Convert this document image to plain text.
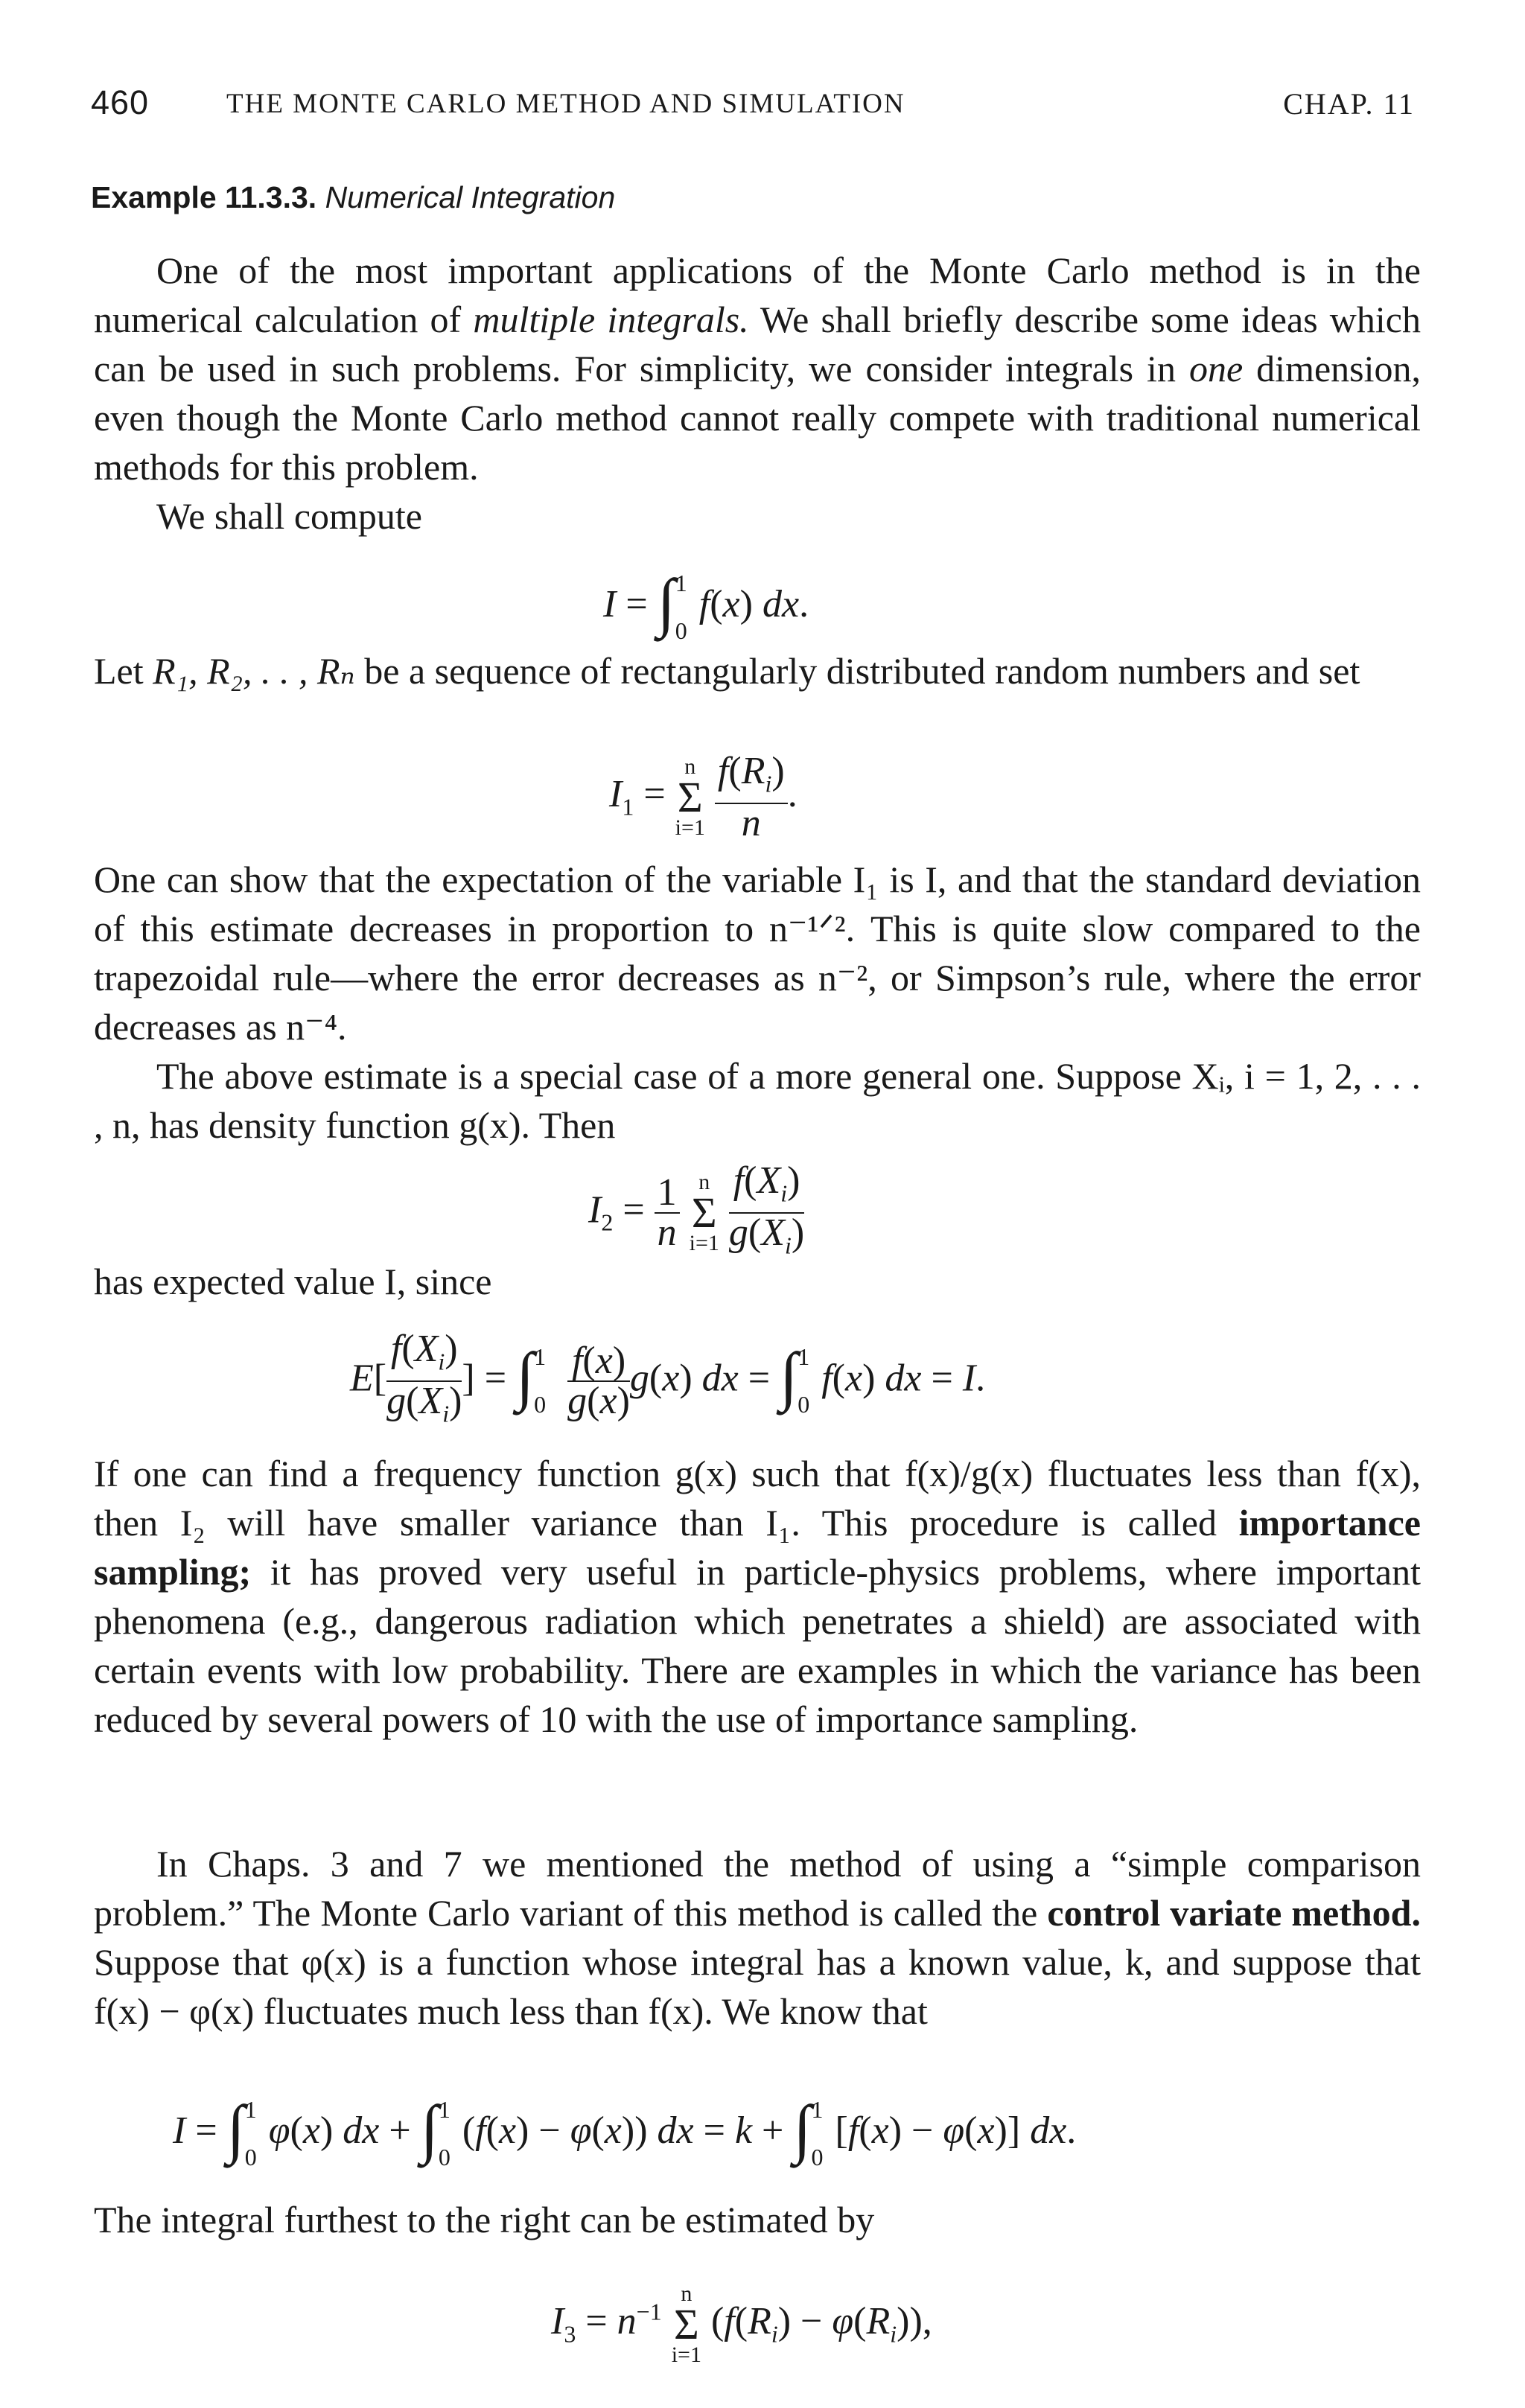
460	THE MONTE CARLO METHOD AND SIMULATION	CHAP. 11
Example 11.3.3. Numerical Integration

One of the most important applications of the Monte Carlo method is in the numerical calculation of multiple integrals. We shall briefly describe some ideas which can be used in such problems. For simplicity, we consider integrals in one dimension, even though the Monte Carlo method cannot really compete with traditional numerical methods for this problem.

We shall compute

$I = \int_0^1$ f(x) dx.

Let R₁, R₂, . . , Rₙ be a sequence of rectangularly distributed random numbers and set

$I_1 = n$
Σ
$i=1 \frac{f(R_i)}{n}$ .

One can show that the expectation of the variable I₁ is I, and that the standard deviation of this estimate decreases in proportion to n⁻¹ᐟ². This is quite slow compared to the trapezoidal rule—where the error decreases as n⁻², or Simpson’s rule, where the error decreases as n⁻⁴.

The above estimate is a special case of a more general one. Suppose Xᵢ, i = 1, 2, . . . , n, has density function g(x). Then

$I_2 = \frac{1}{n}$ n
Σ
$i=1 \frac{f(X_i)}{g(X_i)}$

has expected value I, since

$E[ \frac{f(X_i)}{g(X_i)}$ ] = $\int_0^1 \frac{f(x)}{g(x)} g(x)$ dx = $\int_0^1$ f(x) dx = I.

If one can find a frequency function g(x) such that f(x)/g(x) fluctuates less than f(x), then I₂ will have smaller variance than I₁. This procedure is called importance sampling; it has proved very useful in particle-physics problems, where important phenomena (e.g., dangerous radiation which penetrates a shield) are associated with certain events with low probability. There are examples in which the variance has been reduced by several powers of 10 with the use of importance sampling.

In Chaps. 3 and 7 we mentioned the method of using a “simple comparison problem.” The Monte Carlo variant of this method is called the control variate method. Suppose that φ(x) is a function whose integral has a known value, k, and suppose that f(x) − φ(x) fluctuates much less than f(x). We know that

$I = \int_0^1$ φ(x) dx + $\int_0^1$ (f(x) − φ(x)) dx = $k + \int_0^1$ [f(x) − φ(x)] dx.

The integral furthest to the right can be estimated by

$I_3 = n^{-1}$ n
Σ
i=1 $(f(R_i) - \varphi(R_i))$,
